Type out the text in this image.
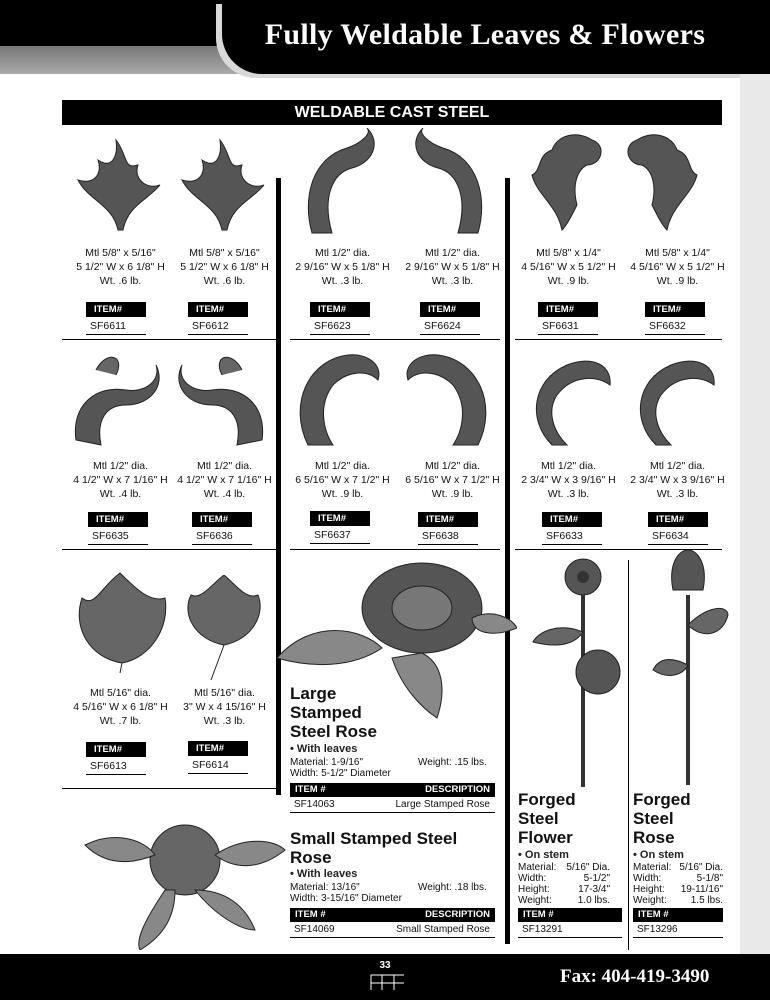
Fully Weldable Leaves & Flowers
WELDABLE CAST STEEL
Mtl 5/8" x 5/16"
5 1/2" W x 6 1/8" H
Wt. .6 lb.
ITEM#
SF6611
Mtl 5/8" x 5/16"
5 1/2" W x 6 1/8" H
Wt. .6 lb.
ITEM#
SF6612
Mtl 1/2" dia.
2 9/16" W x 5 1/8" H
Wt. .3 lb.
ITEM#
SF6623
Mtl 1/2" dia.
2 9/16" W x 5 1/8" H
Wt. .3 lb.
ITEM#
SF6624
Mtl 5/8" x 1/4"
4 5/16" W x 5 1/2" H
Wt. .9 lb.
ITEM#
SF6631
Mtl 5/8" x 1/4"
4 5/16" W x 5 1/2" H
Wt. .9 lb.
ITEM#
SF6632
Mtl 1/2" dia.
4 1/2" W x 7 1/16" H
Wt. .4 lb.
ITEM#
SF6635
Mtl 1/2" dia.
4 1/2" W x 7 1/16" H
Wt. .4 lb.
ITEM#
SF6636
Mtl 1/2" dia.
6 5/16" W x 7 1/2" H
Wt. .9 lb.
ITEM#
SF6637
Mtl 1/2" dia.
6 5/16" W x 7 1/2" H
Wt. .9 lb.
ITEM#
SF6638
Mtl 1/2" dia.
2 3/4" W x 3 9/16" H
Wt. .3 lb.
ITEM#
SF6633
Mtl 1/2" dia.
2 3/4" W x 3 9/16" H
Wt. .3 lb.
ITEM#
SF6634
Mtl 5/16" dia.
4 5/16" W x 6 1/8" H
Wt. .7 lb.
ITEM#
SF6613
Mtl 5/16" dia.
3" W x 4 15/16" H
Wt. .3 lb.
ITEM#
SF6614
Large
Stamped
Steel Rose
• With leaves
Material: 1-9/16"	Weight: .15 lbs.
Width: 5-1/2" Diameter
ITEM #	DESCRIPTION
SF14063	Large Stamped Rose
Small Stamped Steel
Rose
• With leaves
Material: 13/16"	Weight: .18 lbs.
Width: 3-15/16" Diameter
ITEM #	DESCRIPTION
SF14069	Small Stamped Rose
Forged
Steel
Flower
• On stem
Material: 5/16" Dia.
Width:	5-1/2"
Height:	17-3/4"
Weight:	1.0 lbs.
ITEM #
SF13291
Forged
Steel
Rose
• On stem
Material: 5/16" Dia.
Width:	5-1/8"
Height: 19-11/16"
Weight: 1.5 lbs.
ITEM #
SF13296
33
Fax: 404-419-3490
